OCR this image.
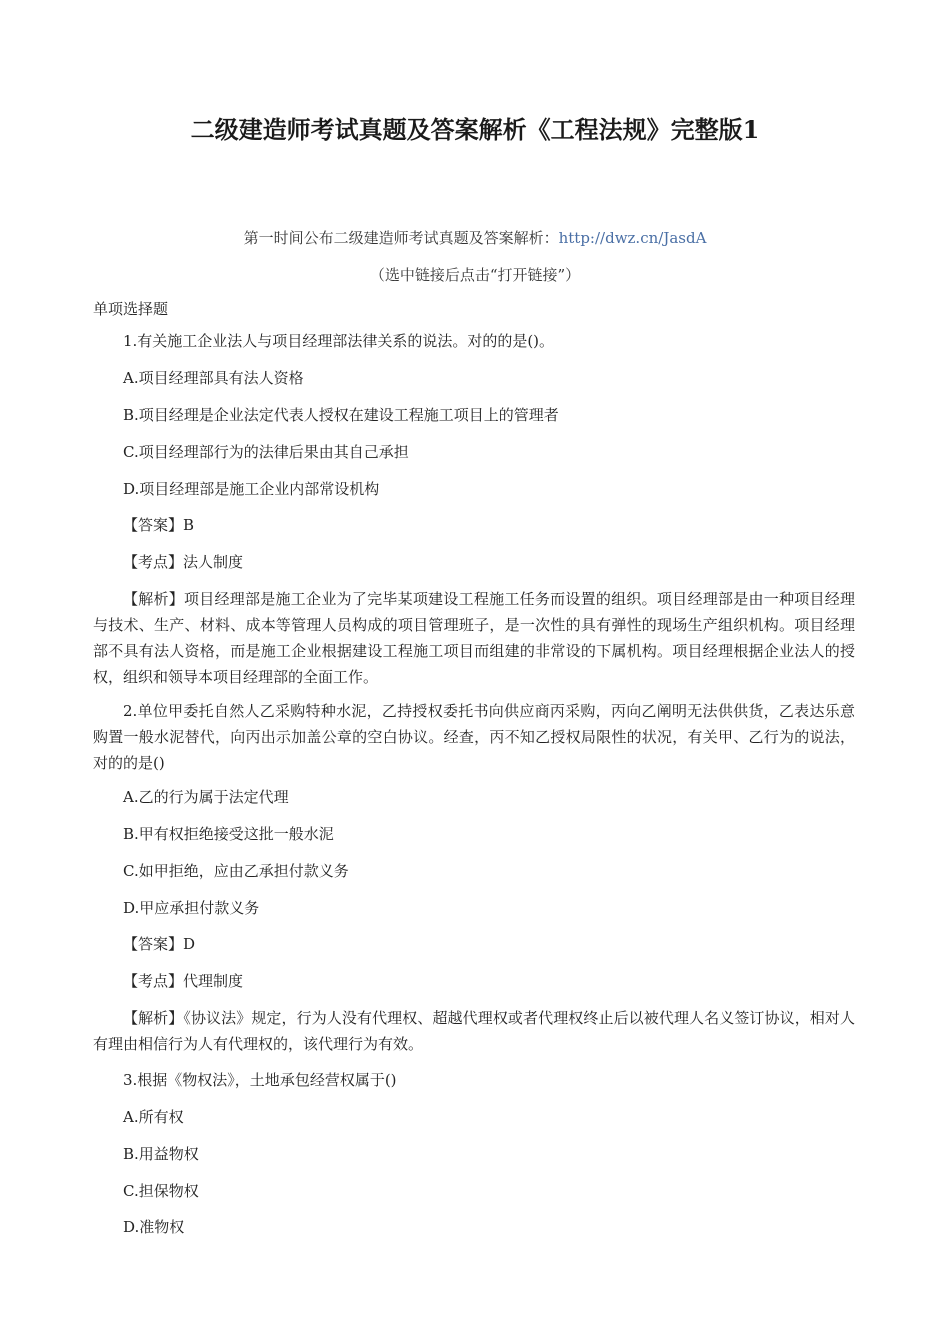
二级建造师考试真题及答案解析《工程法规》完整版1
第一时间公布二级建造师考试真题及答案解析：http://dwz.cn/JasdA
（选中链接后点击“打开链接”）
单项选择题
1.有关施工企业法人与项目经理部法律关系的说法。对的的是()。
A.项目经理部具有法人资格
B.项目经理是企业法定代表人授权在建设工程施工项目上的管理者
C.项目经理部行为的法律后果由其自己承担
D.项目经理部是施工企业内部常设机构
【答案】B
【考点】法人制度
【解析】项目经理部是施工企业为了完毕某项建设工程施工任务而设置的组织。项目经理部是由一种项目经理与技术、生产、材料、成本等管理人员构成的项目管理班子，是一次性的具有弹性的现场生产组织机构。项目经理部不具有法人资格，而是施工企业根据建设工程施工项目而组建的非常设的下属机构。项目经理根据企业法人的授权，组织和领导本项目经理部的全面工作。
2.单位甲委托自然人乙采购特种水泥，乙持授权委托书向供应商丙采购，丙向乙阐明无法供供货，乙表达乐意购置一般水泥替代，向丙出示加盖公章的空白协议。经查，丙不知乙授权局限性的状况，有关甲、乙行为的说法，对的的是()
A.乙的行为属于法定代理
B.甲有权拒绝接受这批一般水泥
C.如甲拒绝，应由乙承担付款义务
D.甲应承担付款义务
【答案】D
【考点】代理制度
【解析】《协议法》规定，行为人没有代理权、超越代理权或者代理权终止后以被代理人名义签订协议，相对人有理由相信行为人有代理权的，该代理行为有效。
3.根据《物权法》，土地承包经营权属于()
A.所有权
B.用益物权
C.担保物权
D.准物权
